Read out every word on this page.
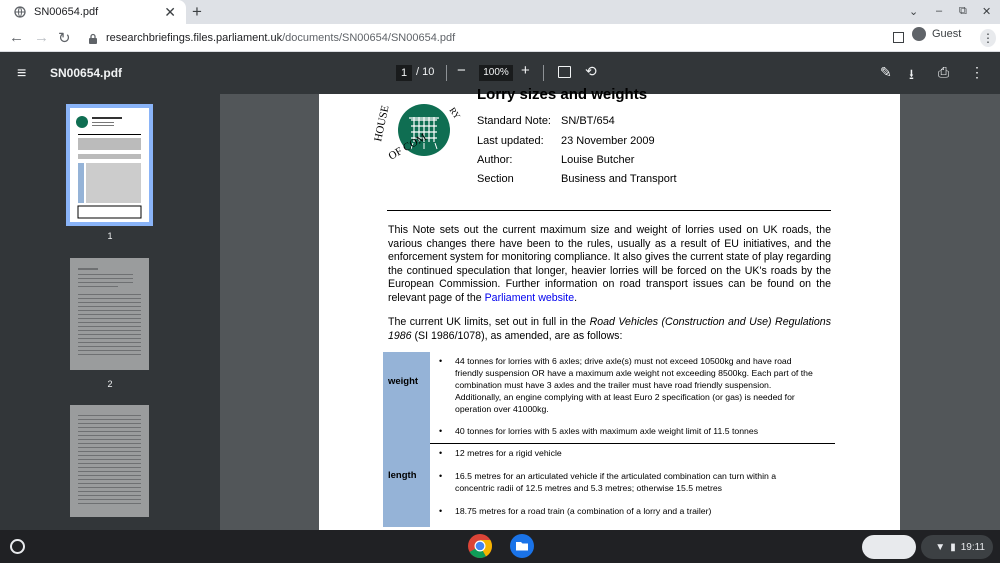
SN00654.pdf	✕ +	⌄ – ⧉ ✕
← → ↻	researchbriefings.files.parliament.uk/documents/SN00654/SN00654.pdf	Guest ⋮
≡ SN00654.pdf	1 / 10 −	100% +	⟲	✎ ⭳ ⎙ ⋮
1
2
HOUSE
OF COM
RY
Lorry sizes and weights
Standard Note: SN/BT/654
Last updated: 23 November 2009
Author:	Louise Butcher
Section	Business and Transport
This Note sets out the current maximum size and weight of lorries used on UK roads, the various changes there have been to the rules, usually as a result of EU initiatives, and the enforcement system for monitoring compliance. It also gives the current state of play regarding the continued speculation that longer, heavier lorries will be forced on the UK's roads by the European Commission. Further information on road transport issues can be found on the relevant page of the Parliament website.
The current UK limits, set out in full in the Road Vehicles (Construction and Use) Regulations 1986 (SI 1986/1078), as amended, are as follows:
weight
• 44 tonnes for lorries with 6 axles; drive axle(s) must not exceed 10500kg and have road friendly suspension OR have a maximum axle weight not exceeding 8500kg. Each part of the combination must have 3 axles and the trailer must have road friendly suspension. Additionally, an engine complying with at least Euro 2 specification (or gas) is needed for operation over 41000kg.
• 40 tonnes for lorries with 5 axles with maximum axle weight limit of 11.5 tonnes
length
• 12 metres for a rigid vehicle
• 16.5 metres for an articulated vehicle if the articulated combination can turn within a concentric radii of 12.5 metres and 5.3 metres; otherwise 15.5 metres
• 18.75 metres for a road train (a combination of a lorry and a trailer)
▼ ▮ 19:11
